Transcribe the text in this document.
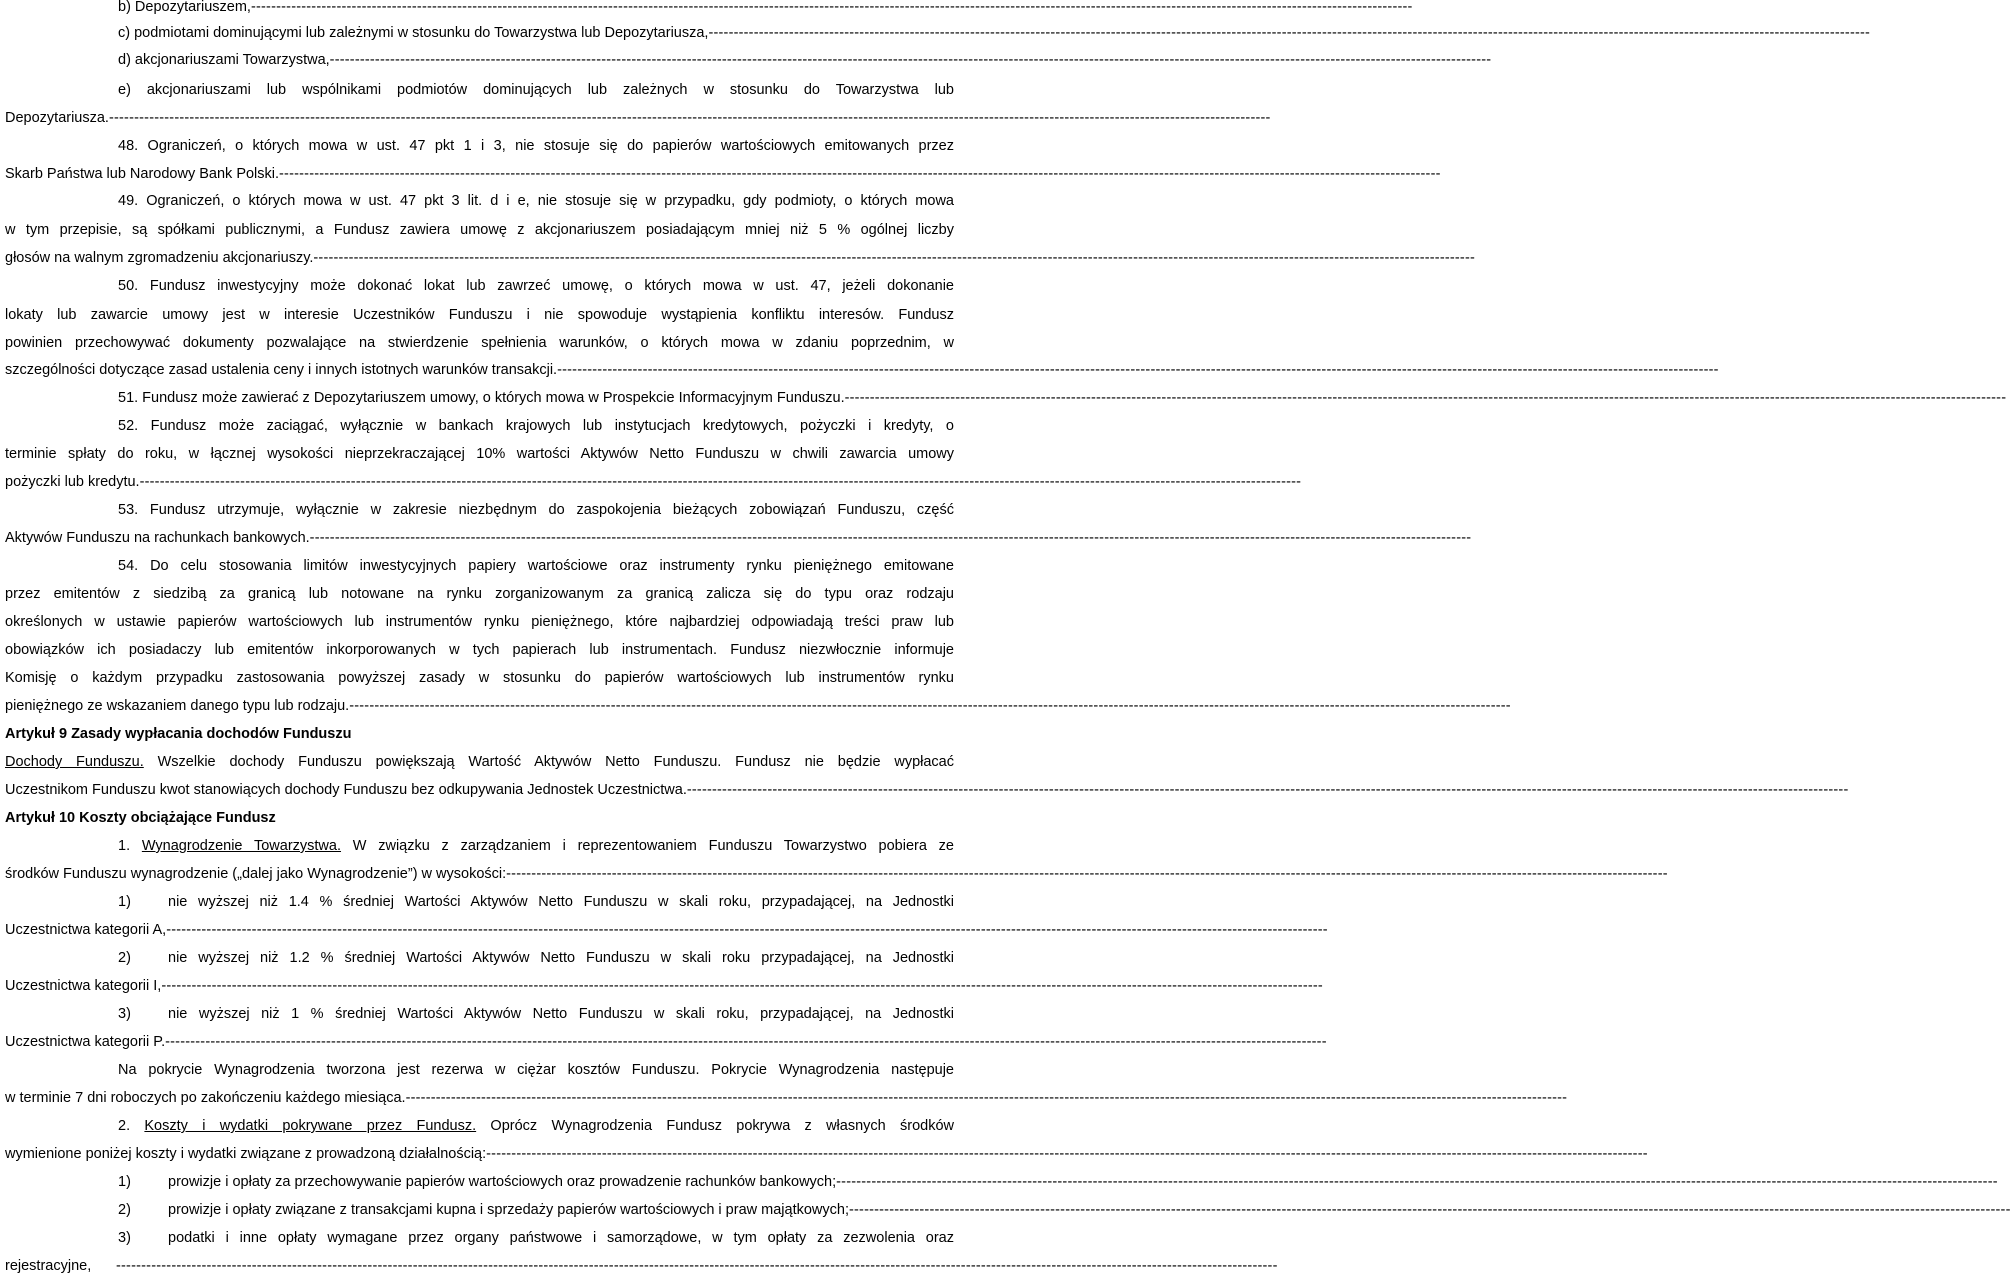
b) Depozytariuszem, ---------------------------------------------------------------------------------------------------------------------------------------------------------------------------------------------------------------------------------------
c) podmiotami dominującymi lub zależnymi w stosunku do Towarzystwa lub Depozytariusza, ---------------------------------------------------------------------------------------------------------------------------------------------------------------------------------------------------------------------------------------
d) akcjonariuszami Towarzystwa, ---------------------------------------------------------------------------------------------------------------------------------------------------------------------------------------------------------------------------------------
e) akcjonariuszami lub wspólnikami podmiotów dominujących lub zależnych w stosunku do Towarzystwa lub
Depozytariusza. ---------------------------------------------------------------------------------------------------------------------------------------------------------------------------------------------------------------------------------------
48. Ograniczeń, o których mowa w ust. 47 pkt 1 i 3, nie stosuje się do papierów wartościowych emitowanych przez
Skarb Państwa lub Narodowy Bank Polski. ---------------------------------------------------------------------------------------------------------------------------------------------------------------------------------------------------------------------------------------
49. Ograniczeń, o których mowa w ust. 47 pkt 3 lit. d i e, nie stosuje się w przypadku, gdy podmioty, o których mowa
w tym przepisie, są spółkami publicznymi, a Fundusz zawiera umowę z akcjonariuszem posiadającym mniej niż 5 % ogólnej liczby
głosów na walnym zgromadzeniu akcjonariuszy. ---------------------------------------------------------------------------------------------------------------------------------------------------------------------------------------------------------------------------------------
50. Fundusz inwestycyjny może dokonać lokat lub zawrzeć umowę, o których mowa w ust. 47, jeżeli dokonanie
lokaty lub zawarcie umowy jest w interesie Uczestników Funduszu i nie spowoduje wystąpienia konfliktu interesów. Fundusz
powinien przechowywać dokumenty pozwalające na stwierdzenie spełnienia warunków, o których mowa w zdaniu poprzednim, w
szczególności dotyczące zasad ustalenia ceny i innych istotnych warunków transakcji. ---------------------------------------------------------------------------------------------------------------------------------------------------------------------------------------------------------------------------------------
51. Fundusz może zawierać z Depozytariuszem umowy, o których mowa w Prospekcie Informacyjnym Funduszu. ---------------------------------------------------------------------------------------------------------------------------------------------------------------------------------------------------------------------------------------
52. Fundusz może zaciągać, wyłącznie w bankach krajowych lub instytucjach kredytowych, pożyczki i kredyty, o
terminie spłaty do roku, w łącznej wysokości nieprzekraczającej 10% wartości Aktywów Netto Funduszu w chwili zawarcia umowy
pożyczki lub kredytu. ---------------------------------------------------------------------------------------------------------------------------------------------------------------------------------------------------------------------------------------
53. Fundusz utrzymuje, wyłącznie w zakresie niezbędnym do zaspokojenia bieżących zobowiązań Funduszu, część
Aktywów Funduszu na rachunkach bankowych. ---------------------------------------------------------------------------------------------------------------------------------------------------------------------------------------------------------------------------------------
54. Do celu stosowania limitów inwestycyjnych papiery wartościowe oraz instrumenty rynku pieniężnego emitowane
przez emitentów z siedzibą za granicą lub notowane na rynku zorganizowanym za granicą zalicza się do typu oraz rodzaju
określonych w ustawie papierów wartościowych lub instrumentów rynku pieniężnego, które najbardziej odpowiadają treści praw lub
obowiązków ich posiadaczy lub emitentów inkorporowanych w tych papierach lub instrumentach. Fundusz niezwłocznie informuje
Komisję o każdym przypadku zastosowania powyższej zasady w stosunku do papierów wartościowych lub instrumentów rynku
pieniężnego ze wskazaniem danego typu lub rodzaju. ---------------------------------------------------------------------------------------------------------------------------------------------------------------------------------------------------------------------------------------
Artykuł 9 Zasady wypłacania dochodów Funduszu
Dochody Funduszu. Wszelkie dochody Funduszu powiększają Wartość Aktywów Netto Funduszu. Fundusz nie będzie wypłacać
Uczestnikom Funduszu kwot stanowiących dochody Funduszu bez odkupywania Jednostek Uczestnictwa. ---------------------------------------------------------------------------------------------------------------------------------------------------------------------------------------------------------------------------------------
Artykuł 10 Koszty obciążające Fundusz
1. Wynagrodzenie Towarzystwa. W związku z zarządzaniem i reprezentowaniem Funduszu Towarzystwo pobiera ze
środków Funduszu wynagrodzenie („dalej jako Wynagrodzenie”) w wysokości: ---------------------------------------------------------------------------------------------------------------------------------------------------------------------------------------------------------------------------------------
1)	nie wyższej niż 1.4 % średniej Wartości Aktywów Netto Funduszu w skali roku, przypadającej, na Jednostki
Uczestnictwa kategorii A, ---------------------------------------------------------------------------------------------------------------------------------------------------------------------------------------------------------------------------------------
2)	nie wyższej niż 1.2 % średniej Wartości Aktywów Netto Funduszu w skali roku przypadającej, na Jednostki
Uczestnictwa kategorii I, ---------------------------------------------------------------------------------------------------------------------------------------------------------------------------------------------------------------------------------------
3)	nie wyższej niż 1 % średniej Wartości Aktywów Netto Funduszu w skali roku, przypadającej, na Jednostki
Uczestnictwa kategorii P. ---------------------------------------------------------------------------------------------------------------------------------------------------------------------------------------------------------------------------------------
Na pokrycie Wynagrodzenia tworzona jest rezerwa w ciężar kosztów Funduszu. Pokrycie Wynagrodzenia następuje
w terminie 7 dni roboczych po zakończeniu każdego miesiąca. ---------------------------------------------------------------------------------------------------------------------------------------------------------------------------------------------------------------------------------------
2. Koszty i wydatki pokrywane przez Fundusz. Oprócz Wynagrodzenia Fundusz pokrywa z własnych środków
wymienione poniżej koszty i wydatki związane z prowadzoną działalnością: ---------------------------------------------------------------------------------------------------------------------------------------------------------------------------------------------------------------------------------------
1)	prowizje i opłaty za przechowywanie papierów wartościowych oraz prowadzenie rachunków bankowych; ---------------------------------------------------------------------------------------------------------------------------------------------------------------------------------------------------------------------------------------
2)	prowizje i opłaty związane z transakcjami kupna i sprzedaży papierów wartościowych i praw majątkowych; ---------------------------------------------------------------------------------------------------------------------------------------------------------------------------------------------------------------------------------------
3)	podatki i inne opłaty wymagane przez organy państwowe i samorządowe, w tym opłaty za zezwolenia oraz
rejestracyjne,	---------------------------------------------------------------------------------------------------------------------------------------------------------------------------------------------------------------------------------------
